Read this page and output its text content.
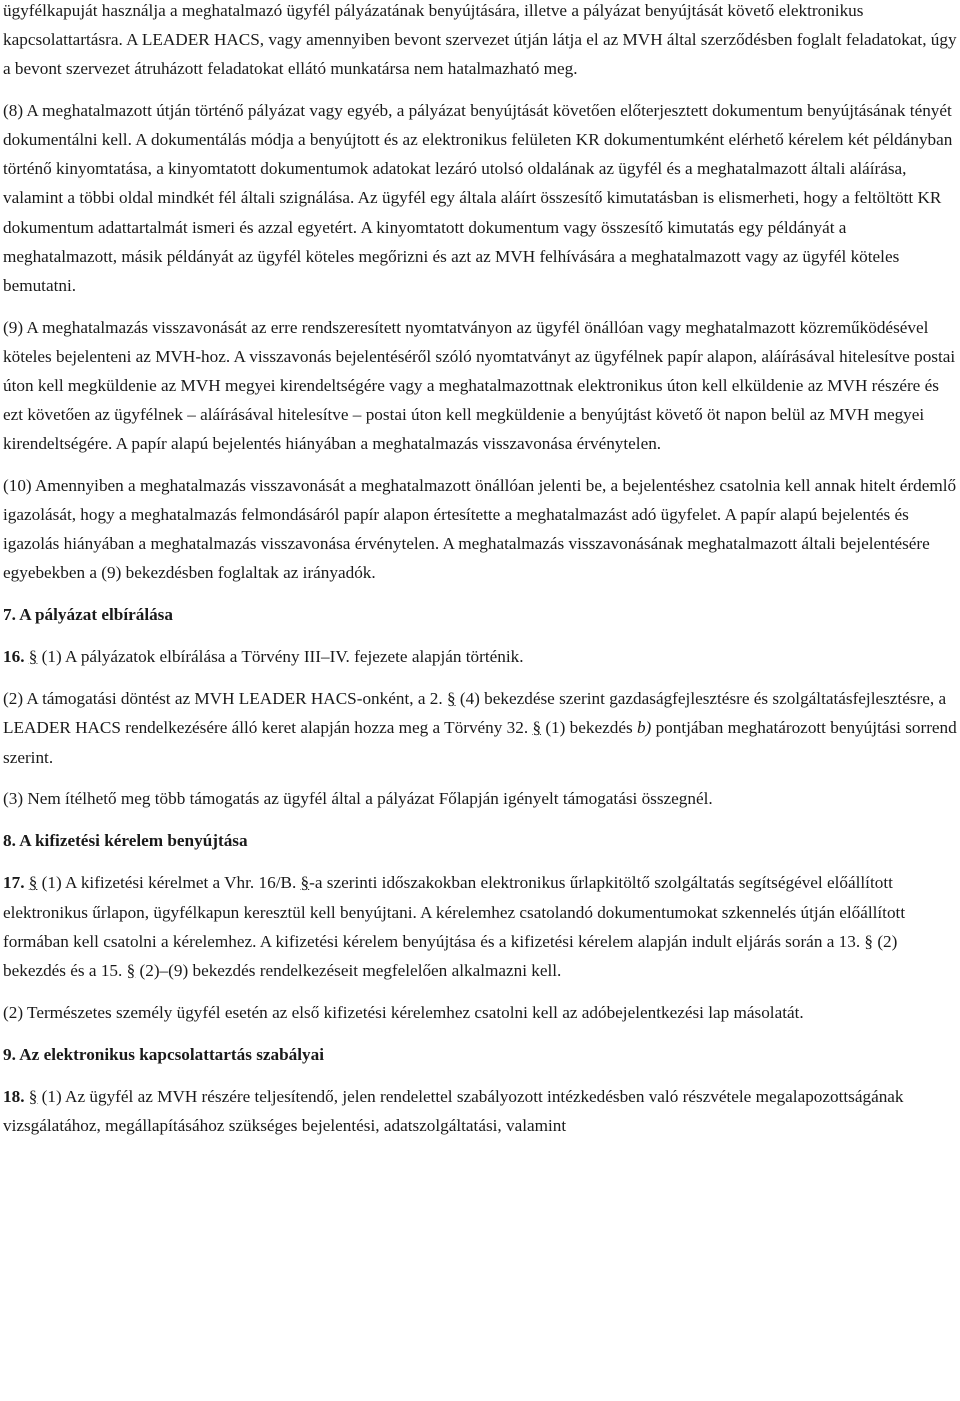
ügyfélkapuját használja a meghatalmazó ügyfél pályázatának benyújtására, illetve a pályázat benyújtását követő elektronikus kapcsolattartásra. A LEADER HACS, vagy amennyiben bevont szervezet útján látja el az MVH által szerződésben foglalt feladatokat, úgy a bevont szervezet átruházott feladatokat ellátó munkatársa nem hatalmazható meg.

(8) A meghatalmazott útján történő pályázat vagy egyéb, a pályázat benyújtását követően előterjesztett dokumentum benyújtásának tényét dokumentálni kell. A dokumentálás módja a benyújtott és az elektronikus felületen KR dokumentumként elérhető kérelem két példányban történő kinyomtatása, a kinyomtatott dokumentumok adatokat lezáró utolsó oldalának az ügyfél és a meghatalmazott általi aláírása, valamint a többi oldal mindkét fél általi szignálása. Az ügyfél egy általa aláírt összesítő kimutatásban is elismerheti, hogy a feltöltött KR dokumentum adattartalmát ismeri és azzal egyetért. A kinyomtatott dokumentum vagy összesítő kimutatás egy példányát a meghatalmazott, másik példányát az ügyfél köteles megőrizni és azt az MVH felhívására a meghatalmazott vagy az ügyfél köteles bemutatni.

(9) A meghatalmazás visszavonását az erre rendszeresített nyomtatványon az ügyfél önállóan vagy meghatalmazott közreműködésével köteles bejelenteni az MVH-hoz. A visszavonás bejelentéséről szóló nyomtatványt az ügyfélnek papír alapon, aláírásával hitelesítve postai úton kell megküldenie az MVH megyei kirendeltségére vagy a meghatalmazottnak elektronikus úton kell elküldenie az MVH részére és ezt követően az ügyfélnek – aláírásával hitelesítve – postai úton kell megküldenie a benyújtást követő öt napon belül az MVH megyei kirendeltségére. A papír alapú bejelentés hiányában a meghatalmazás visszavonása érvénytelen.

(10) Amennyiben a meghatalmazás visszavonását a meghatalmazott önállóan jelenti be, a bejelentéshez csatolnia kell annak hitelt érdemlő igazolását, hogy a meghatalmazás felmondásáról papír alapon értesítette a meghatalmazást adó ügyfelet. A papír alapú bejelentés és igazolás hiányában a meghatalmazás visszavonása érvénytelen. A meghatalmazás visszavonásának meghatalmazott általi bejelentésére egyebekben a (9) bekezdésben foglaltak az irányadók.

7. A pályázat elbírálása

16. § (1) A pályázatok elbírálása a Törvény III–IV. fejezete alapján történik.

(2) A támogatási döntést az MVH LEADER HACS-onként, a 2. § (4) bekezdése szerint gazdaságfejlesztésre és szolgáltatásfejlesztésre, a LEADER HACS rendelkezésére álló keret alapján hozza meg a Törvény 32. § (1) bekezdés b) pontjában meghatározott benyújtási sorrend szerint.

(3) Nem ítélhető meg több támogatás az ügyfél által a pályázat Főlapján igényelt támogatási összegnél.

8. A kifizetési kérelem benyújtása

17. § (1) A kifizetési kérelmet a Vhr. 16/B. §-a szerinti időszakokban elektronikus űrlapkitöltő szolgáltatás segítségével előállított elektronikus űrlapon, ügyfélkapun keresztül kell benyújtani. A kérelemhez csatolandó dokumentumokat szkennelés útján előállított formában kell csatolni a kérelemhez. A kifizetési kérelem benyújtása és a kifizetési kérelem alapján indult eljárás során a 13. § (2) bekezdés és a 15. § (2)–(9) bekezdés rendelkezéseit megfelelően alkalmazni kell.

(2) Természetes személy ügyfél esetén az első kifizetési kérelemhez csatolni kell az adóbejelentkezési lap másolatát.

9. Az elektronikus kapcsolattartás szabályai

18. § (1) Az ügyfél az MVH részére teljesítendő, jelen rendelettel szabályozott intézkedésben való részvétele megalapozottságának vizsgálatához, megállapításához szükséges bejelentési, adatszolgáltatási, valamint
